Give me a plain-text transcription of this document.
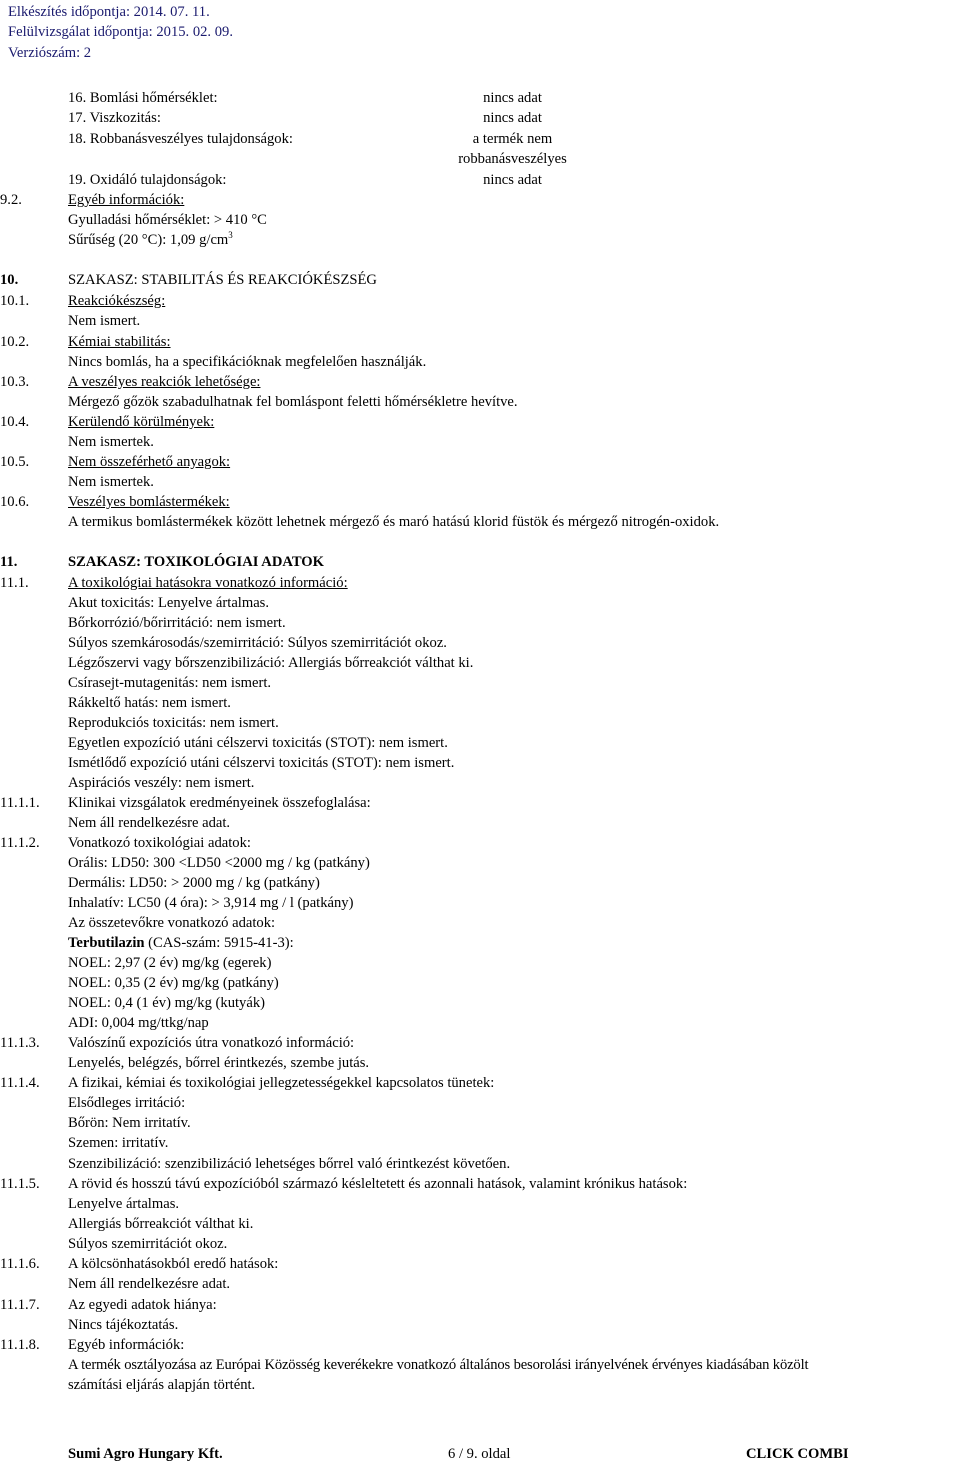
Elkészítés időpontja: 2014. 07. 11.
Felülvizsgálat időpontja: 2015. 02. 09.
Verziószám: 2
16. Bomlási hőmérséklet:	nincs adat
17. Viszkozitás:	nincs adat
18. Robbanásveszélyes tulajdonságok:	a termék nem robbanásveszélyes
19. Oxidáló tulajdonságok:	nincs adat
9.2.	Egyéb információk:
Gyulladási hőmérséklet: > 410 °C
Sűrűség (20 °C): 1,09 $g/cm^3$
10.	SZAKASZ: STABILITÁS ÉS REAKCIÓKÉSZSÉG
10.1.	Reakciókészség:
Nem ismert.
10.2.	Kémiai stabilitás:
Nincs bomlás, ha a specifikációknak megfelelően használják.
10.3.	A veszélyes reakciók lehetősége:
Mérgező gőzök szabadulhatnak fel bomláspont feletti hőmérsékletre hevítve.
10.4.	Kerülendő körülmények:
Nem ismertek.
10.5.	Nem összeférhető anyagok:
Nem ismertek.
10.6.	Veszélyes bomlástermékek:
A termikus bomlástermékek között lehetnek mérgező és maró hatású klorid füstök és mérgező nitrogén-oxidok.
11.	SZAKASZ: TOXIKOLÓGIAI ADATOK
11.1.	A toxikológiai hatásokra vonatkozó információ:
Akut toxicitás: Lenyelve ártalmas.
Bőrkorrózió/bőrirritáció: nem ismert.
Súlyos szemkárosodás/szemirritáció: Súlyos szemirritációt okoz.
Légzőszervi vagy bőrszenzibilizáció: Allergiás bőrreakciót válthat ki.
Csírasejt-mutagenitás: nem ismert.
Rákkeltő hatás: nem ismert.
Reprodukciós toxicitás: nem ismert.
Egyetlen expozíció utáni célszervi toxicitás (STOT): nem ismert.
Ismétlődő expozíció utáni célszervi toxicitás (STOT): nem ismert.
Aspirációs veszély: nem ismert.
11.1.1. Klinikai vizsgálatok eredményeinek összefoglalása:
Nem áll rendelkezésre adat.
11.1.2. Vonatkozó toxikológiai adatok:
Orális: LD50: 300 <LD50 <2000 mg / kg (patkány)
Dermális: LD50: > 2000 mg / kg (patkány)
Inhalatív: LC50 (4 óra): > 3,914 mg / l (patkány)
Az összetevőkre vonatkozó adatok:
Terbutilazin (CAS-szám: 5915-41-3):
NOEL: 2,97 (2 év) mg/kg (egerek)
NOEL: 0,35 (2 év) mg/kg (patkány)
NOEL: 0,4 (1 év) mg/kg (kutyák)
ADI: 0,004 mg/ttkg/nap
11.1.3. Valószínű expozíciós útra vonatkozó információ:
Lenyelés, belégzés, bőrrel érintkezés, szembe jutás.
11.1.4. A fizikai, kémiai és toxikológiai jellegzetességekkel kapcsolatos tünetek:
Elsődleges irritáció:
Bőrön: Nem irritatív.
Szemen: irritatív.
Szenzibilizáció: szenzibilizáció lehetséges bőrrel való érintkezést követően.
11.1.5. A rövid és hosszú távú expozícióból származó késleltetett és azonnali hatások, valamint krónikus hatások:
Lenyelve ártalmas.
Allergiás bőrreakciót válthat ki.
Súlyos szemirritációt okoz.
11.1.6. A kölcsönhatásokból eredő hatások:
Nem áll rendelkezésre adat.
11.1.7. Az egyedi adatok hiánya:
Nincs tájékoztatás.
11.1.8. Egyéb információk:
A termék osztályozása az Európai Közösség keverékekre vonatkozó általános besorolási irányelvének érvényes kiadásában közölt
számítási eljárás alapján történt.
Sumi Agro Hungary Kft.	6 / 9. oldal	CLICK COMBI
